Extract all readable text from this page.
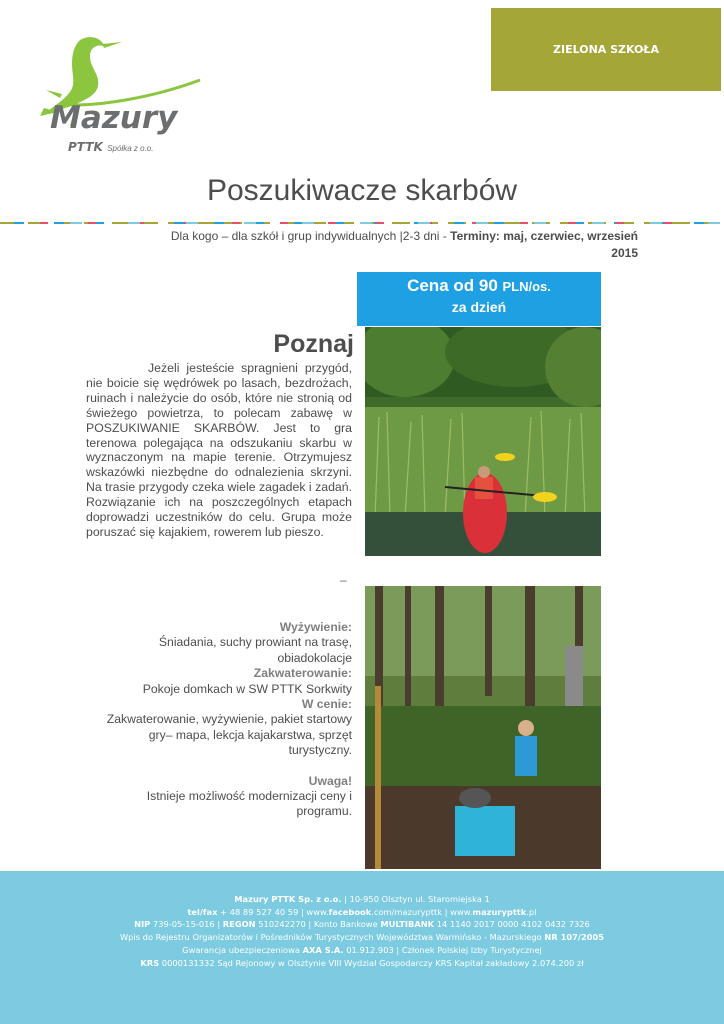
Mazury
PTTK Spółka z o.o.
ZIELONA SZKOŁA
Poszukiwacze skarbów
Dla kogo – dla szkół i grup indywidualnych |2-3 dni - Terminy: maj, czerwiec, wrzesień
2015
Cena od 90 PLN/os.
za dzień
Poznaj

Jeżeli jesteście spragnieni przygód, nie boicie się wędrówek po lasach, bezdrożach, ruinach i należycie do osób, które nie stronią od świeżego powietrza, to polecam zabawę w POSZUKIWANIE SKARBÓW. Jest to gra terenowa polegająca na odszukaniu skarbu w wyznaczonym na mapie terenie. Otrzymujesz wskazówki niezbędne do odnalezienia skrzyni. Na trasie przygody czeka wiele zagadek i zadań. Rozwiązanie ich na poszczególnych etapach doprowadzi uczestników do celu. Grupa może poruszać się kajakiem, rowerem lub pieszo.

–
Wyżywienie:
Śniadania, suchy prowiant na trasę, obiadokolacje
Zakwaterowanie:
Pokoje domkach w SW PTTK Sorkwity
W cenie:
Zakwaterowanie, wyżywienie, pakiet startowy gry– mapa, lekcja kajakarstwa, sprzęt turystyczny.
Uwaga!
Istnieje możliwość modernizacji ceny i programu.
Mazury PTTK Sp. z o.o. | 10-950 Olsztyn ul. Staromiejska 1
tel/fax + 48 89 527 40 59 | www.facebook.com/mazurypttk | www.mazurypttk.pl
NIP 739-05-15-016 | REGON 510242270 | Konto Bankowe MULTIBANK 14 1140 2017 0000 4102 0432 7326
Wpis do Rejestru Organizatorów i Pośredników Turystycznych Województwa Warmińsko - Mazurskiego NR 107/2005
Gwarancja ubezpieczeniowa AXA S.A. 01.912.903 | Członek Polskiej Izby Turystycznej
KRS 0000131332 Sąd Rejonowy w Olsztynie VIII Wydział Gospodarczy KRS Kapitał zakładowy 2.074.200 zł
